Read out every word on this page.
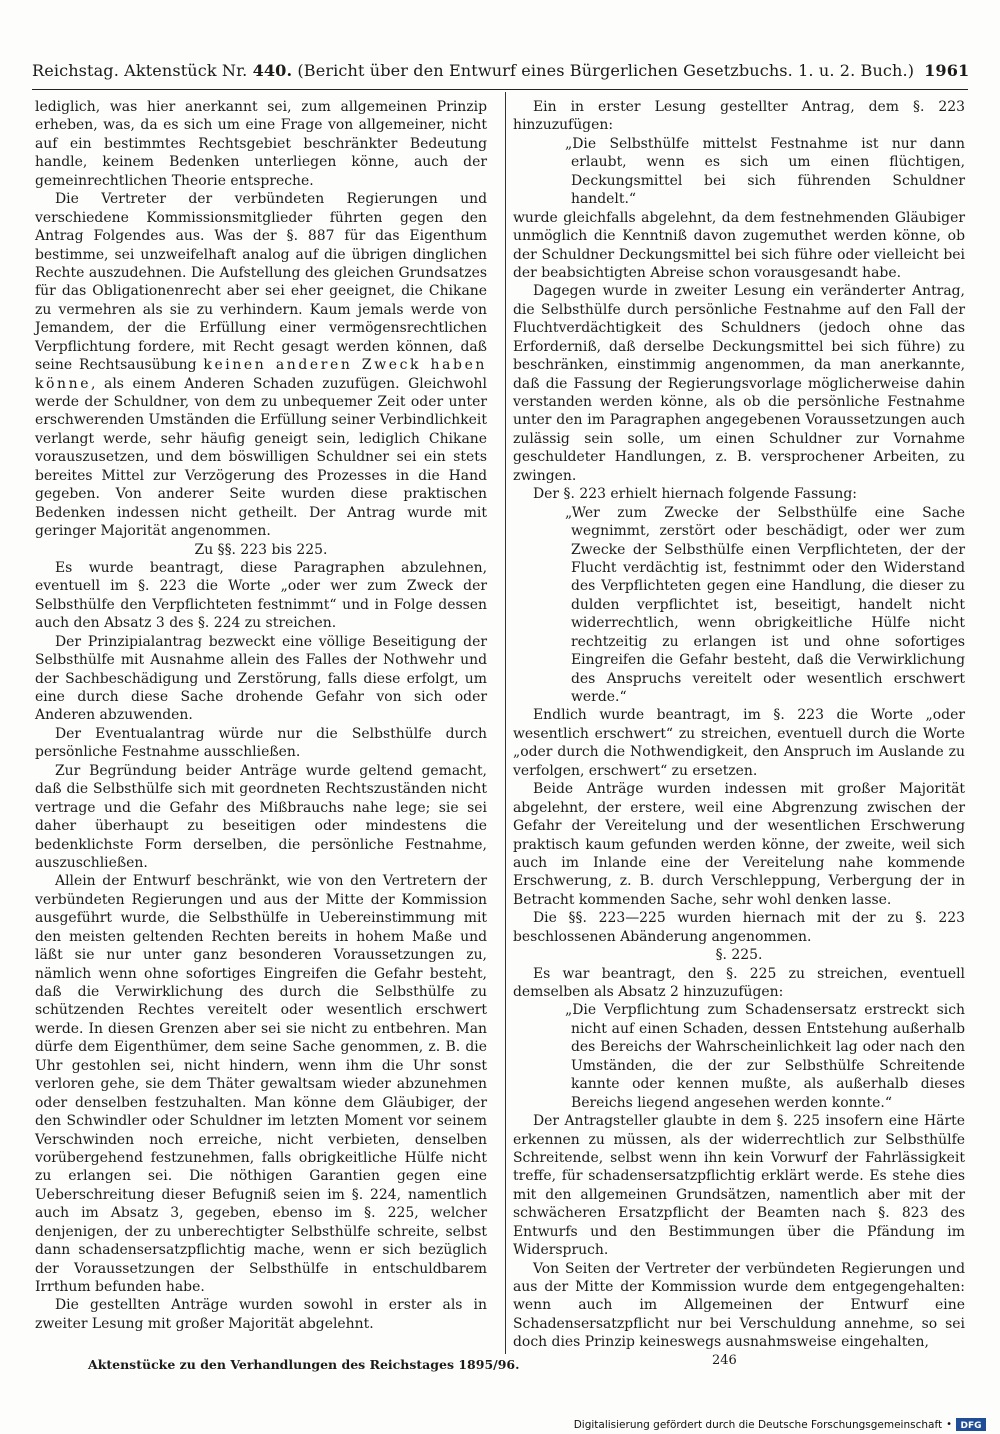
Reichstag. Aktenstück Nr. 440. (Bericht über den Entwurf eines Bürgerlichen Gesetzbuchs. 1. u. 2. Buch.) 1961

lediglich, was hier anerkannt sei, zum allgemeinen Prinzip erheben, was, da es sich um eine Frage von allgemeiner, nicht auf ein bestimmtes Rechtsgebiet beschränkter Bedeutung handle, keinem Bedenken unterliegen könne, auch der gemeinrechtlichen Theorie entspreche.

Die Vertreter der verbündeten Regierungen und verschiedene Kommissionsmitglieder führten gegen den Antrag Folgendes aus. Was der §. 887 für das Eigenthum bestimme, sei unzweifelhaft analog auf die übrigen dinglichen Rechte auszudehnen. Die Aufstellung des gleichen Grundsatzes für das Obligationenrecht aber sei eher geeignet, die Chikane zu vermehren als sie zu verhindern. Kaum jemals werde von Jemandem, der die Erfüllung einer vermögensrechtlichen Verpflichtung fordere, mit Recht gesagt werden können, daß seine Rechtsausübung keinen anderen Zweck haben könne, als einem Anderen Schaden zuzufügen. Gleichwohl werde der Schuldner, von dem zu unbequemer Zeit oder unter erschwerenden Umständen die Erfüllung seiner Verbindlichkeit verlangt werde, sehr häufig geneigt sein, lediglich Chikane vorauszusetzen, und dem böswilligen Schuldner sei ein stets bereites Mittel zur Verzögerung des Prozesses in die Hand gegeben. Von anderer Seite wurden diese praktischen Bedenken indessen nicht getheilt. Der Antrag wurde mit geringer Majorität angenommen.

Zu §§. 223 bis 225.

Es wurde beantragt, diese Paragraphen abzulehnen, eventuell im §. 223 die Worte „oder wer zum Zweck der Selbsthülfe den Verpflichteten festnimmt“ und in Folge dessen auch den Absatz 3 des §. 224 zu streichen.

Der Prinzipialantrag bezweckt eine völlige Beseitigung der Selbsthülfe mit Ausnahme allein des Falles der Nothwehr und der Sachbeschädigung und Zerstörung, falls diese erfolgt, um eine durch diese Sache drohende Gefahr von sich oder Anderen abzuwenden.

Der Eventualantrag würde nur die Selbsthülfe durch persönliche Festnahme ausschließen.

Zur Begründung beider Anträge wurde geltend gemacht, daß die Selbsthülfe sich mit geordneten Rechtszuständen nicht vertrage und die Gefahr des Mißbrauchs nahe lege; sie sei daher überhaupt zu beseitigen oder mindestens die bedenklichste Form derselben, die persönliche Festnahme, auszuschließen.

Allein der Entwurf beschränkt, wie von den Vertretern der verbündeten Regierungen und aus der Mitte der Kommission ausgeführt wurde, die Selbsthülfe in Uebereinstimmung mit den meisten geltenden Rechten bereits in hohem Maße und läßt sie nur unter ganz besonderen Voraussetzungen zu, nämlich wenn ohne sofortiges Eingreifen die Gefahr besteht, daß die Verwirklichung des durch die Selbsthülfe zu schützenden Rechtes vereitelt oder wesentlich erschwert werde. In diesen Grenzen aber sei sie nicht zu entbehren. Man dürfe dem Eigenthümer, dem seine Sache genommen, z. B. die Uhr gestohlen sei, nicht hindern, wenn ihm die Uhr sonst verloren gehe, sie dem Thäter gewaltsam wieder abzunehmen oder denselben festzuhalten. Man könne dem Gläubiger, der den Schwindler oder Schuldner im letzten Moment vor seinem Verschwinden noch erreiche, nicht verbieten, denselben vorübergehend festzunehmen, falls obrigkeitliche Hülfe nicht zu erlangen sei. Die nöthigen Garantien gegen eine Ueberschreitung dieser Befugniß seien im §. 224, namentlich auch im Absatz 3, gegeben, ebenso im §. 225, welcher denjenigen, der zu unberechtigter Selbsthülfe schreite, selbst dann schadensersatzpflichtig mache, wenn er sich bezüglich der Voraussetzungen der Selbsthülfe in entschuldbarem Irrthum befunden habe.

Die gestellten Anträge wurden sowohl in erster als in zweiter Lesung mit großer Majorität abgelehnt.

Ein in erster Lesung gestellter Antrag, dem §. 223 hinzuzufügen:

„Die Selbsthülfe mittelst Festnahme ist nur dann erlaubt, wenn es sich um einen flüchtigen, Deckungsmittel bei sich führenden Schuldner handelt.“

wurde gleichfalls abgelehnt, da dem festnehmenden Gläubiger unmöglich die Kenntniß davon zugemuthet werden könne, ob der Schuldner Deckungsmittel bei sich führe oder vielleicht bei der beabsichtigten Abreise schon vorausgesandt habe.

Dagegen wurde in zweiter Lesung ein veränderter Antrag, die Selbsthülfe durch persönliche Festnahme auf den Fall der Fluchtverdächtigkeit des Schuldners (jedoch ohne das Erforderniß, daß derselbe Deckungsmittel bei sich führe) zu beschränken, einstimmig angenommen, da man anerkannte, daß die Fassung der Regierungsvorlage möglicherweise dahin verstanden werden könne, als ob die persönliche Festnahme unter den im Paragraphen angegebenen Voraussetzungen auch zulässig sein solle, um einen Schuldner zur Vornahme geschuldeter Handlungen, z. B. versprochener Arbeiten, zu zwingen.

Der §. 223 erhielt hiernach folgende Fassung:

„Wer zum Zwecke der Selbsthülfe eine Sache wegnimmt, zerstört oder beschädigt, oder wer zum Zwecke der Selbsthülfe einen Verpflichteten, der der Flucht verdächtig ist, festnimmt oder den Widerstand des Verpflichteten gegen eine Handlung, die dieser zu dulden verpflichtet ist, beseitigt, handelt nicht widerrechtlich, wenn obrigkeitliche Hülfe nicht rechtzeitig zu erlangen ist und ohne sofortiges Eingreifen die Gefahr besteht, daß die Verwirklichung des Anspruchs vereitelt oder wesentlich erschwert werde.“

Endlich wurde beantragt, im §. 223 die Worte „oder wesentlich erschwert“ zu streichen, eventuell durch die Worte „oder durch die Nothwendigkeit, den Anspruch im Auslande zu verfolgen, erschwert“ zu ersetzen.

Beide Anträge wurden indessen mit großer Majorität abgelehnt, der erstere, weil eine Abgrenzung zwischen der Gefahr der Vereitelung und der wesentlichen Erschwerung praktisch kaum gefunden werden könne, der zweite, weil sich auch im Inlande eine der Vereitelung nahe kommende Erschwerung, z. B. durch Verschleppung, Verbergung der in Betracht kommenden Sache, sehr wohl denken lasse.

Die §§. 223—225 wurden hiernach mit der zu §. 223 beschlossenen Abänderung angenommen.

§. 225.

Es war beantragt, den §. 225 zu streichen, eventuell demselben als Absatz 2 hinzuzufügen:

„Die Verpflichtung zum Schadensersatz erstreckt sich nicht auf einen Schaden, dessen Entstehung außerhalb des Bereichs der Wahrscheinlichkeit lag oder nach den Umständen, die der zur Selbsthülfe Schreitende kannte oder kennen mußte, als außerhalb dieses Bereichs liegend angesehen werden konnte.“

Der Antragsteller glaubte in dem §. 225 insofern eine Härte erkennen zu müssen, als der widerrechtlich zur Selbsthülfe Schreitende, selbst wenn ihn kein Vorwurf der Fahrlässigkeit treffe, für schadensersatzpflichtig erklärt werde. Es stehe dies mit den allgemeinen Grundsätzen, namentlich aber mit der schwächeren Ersatzpflicht der Beamten nach §. 823 des Entwurfs und den Bestimmungen über die Pfändung im Widerspruch.

Von Seiten der Vertreter der verbündeten Regierungen und aus der Mitte der Kommission wurde dem entgegengehalten: wenn auch im Allgemeinen der Entwurf eine Schadensersatzpflicht nur bei Verschuldung annehme, so sei doch dies Prinzip keineswegs ausnahmsweise eingehalten,

Aktenstücke zu den Verhandlungen des Reichstages 1895/96.	246
Digitalisierung gefördert durch die Deutsche Forschungsgemeinschaft • DFG
